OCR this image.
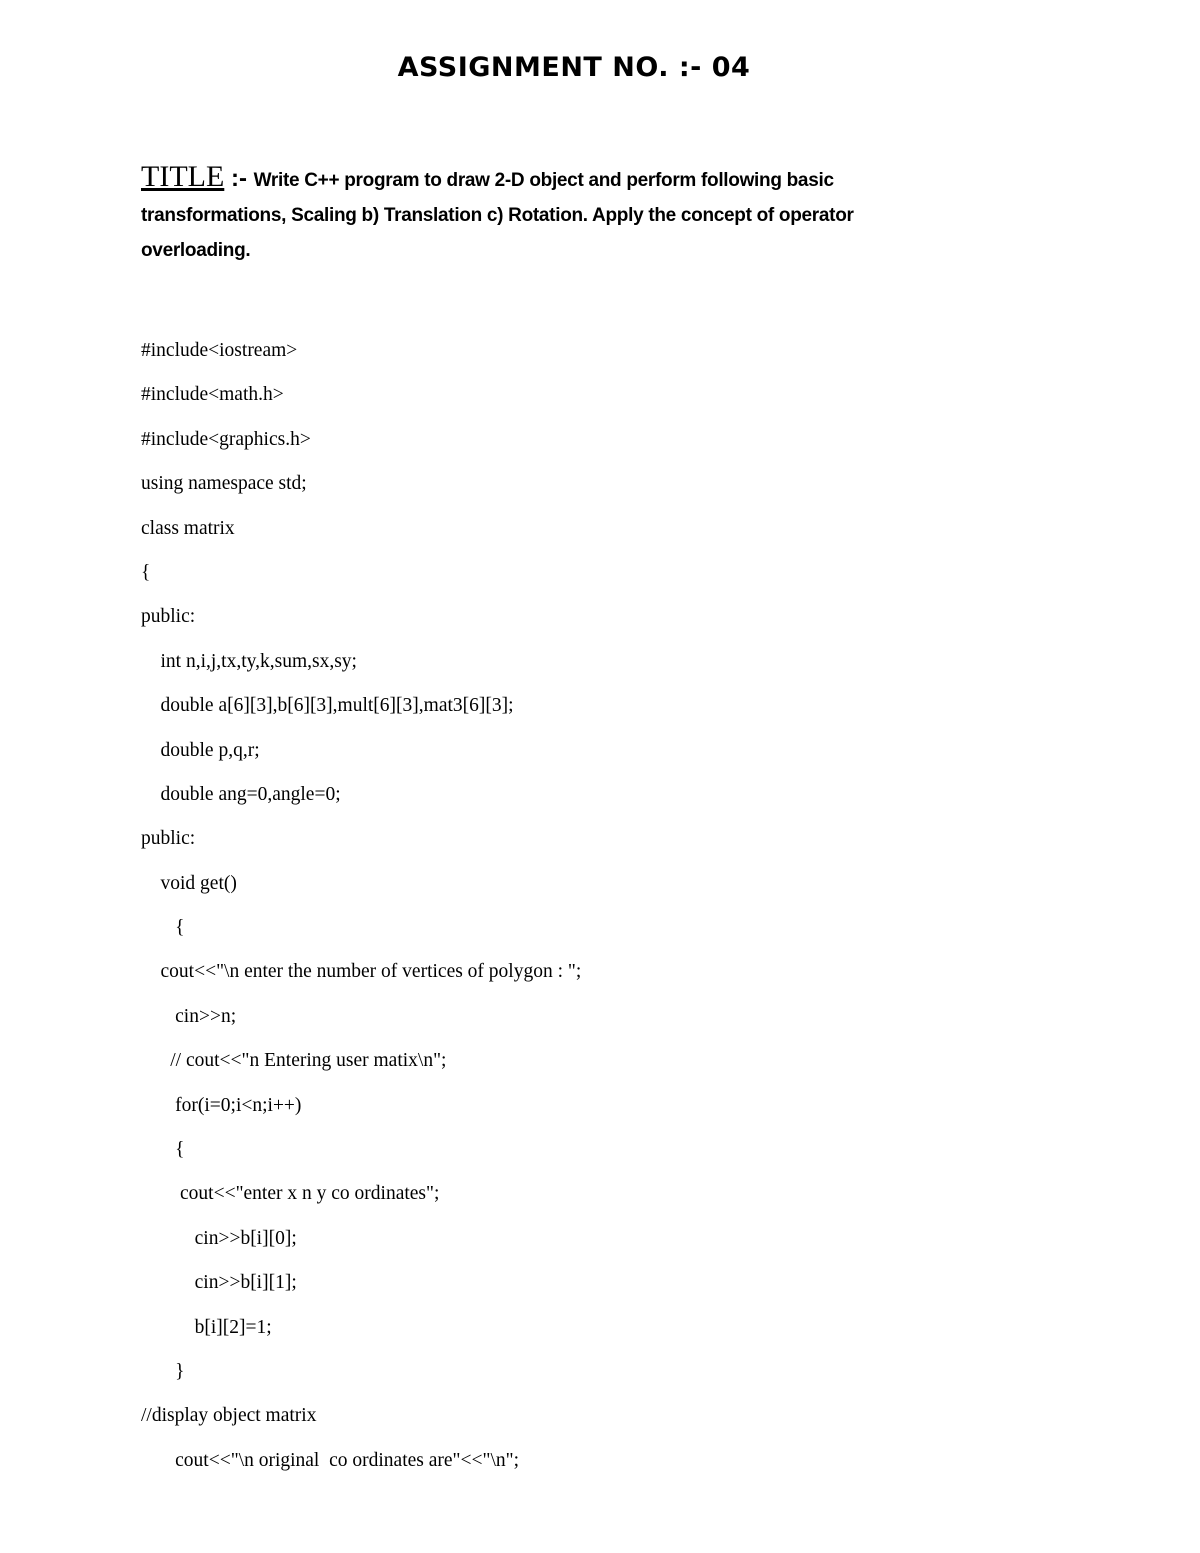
ASSIGNMENT NO. :- 04

TITLE :- Write C++ program to draw 2-D object and perform following basic transformations, Scaling b) Translation c) Rotation. Apply the concept of operator overloading.

#include<iostream>
#include<math.h>
#include<graphics.h>
using namespace std;
class matrix
{
public:
int n,i,j,tx,ty,k,sum,sx,sy;
double a[6][3],b[6][3],mult[6][3],mat3[6][3];
double p,q,r;
double ang=0,angle=0;
public:
void get()
{
cout<<"\n enter the number of vertices of polygon : ";
cin>>n;
// cout<<"n Entering user matix\n";
for(i=0;i<n;i++)
{
cout<<"enter x n y co ordinates";
cin>>b[i][0];
cin>>b[i][1];
b[i][2]=1;
}
//display object matrix
cout<<"\n original  co ordinates are"<<"\n";
